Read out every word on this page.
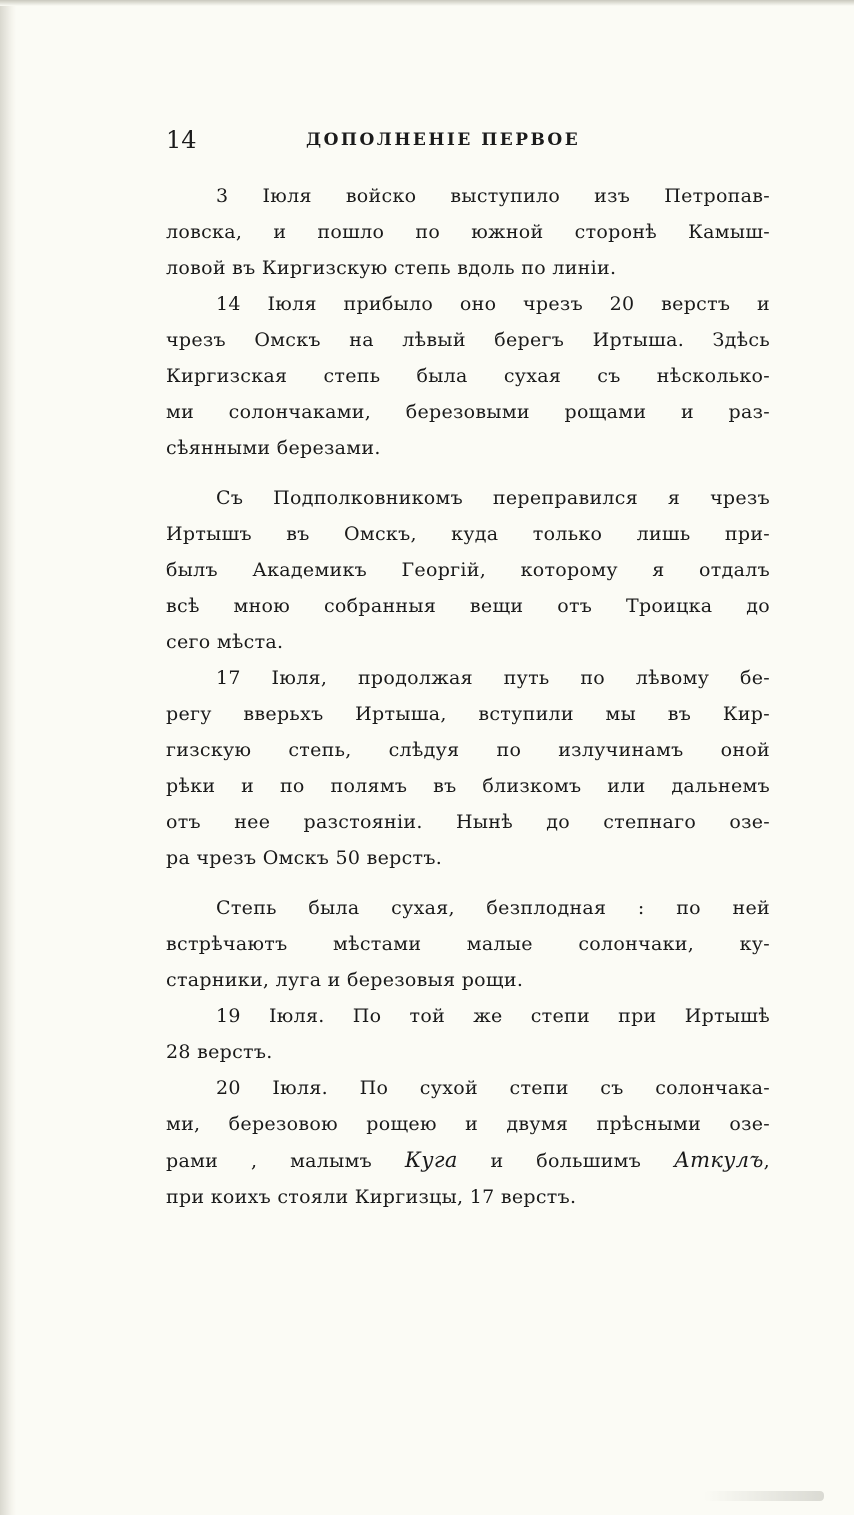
14	ДОПОЛНЕНІЕ ПЕРВОЕ
3 Іюля войско выступило изъ Петропав-
ловска, и пошло по южной сторонѣ Камыш-
ловой въ Киргизскую степь вдоль по линіи.
14 Іюля прибыло оно чрезъ 20 верстъ и
чрезъ Омскъ на лѣвый берегъ Иртыша. Здѣсь
Киргизская степь была сухая съ нѣсколько-
ми солончаками, березовыми рощами и раз-
сѣянными березами.
Съ Подполковникомъ переправился я чрезъ
Иртышъ въ Омскъ, куда только лишь при-
былъ Академикъ Георгій, которому я отдалъ
всѣ мною собранныя вещи отъ Троицка до
сего мѣста.
17 Іюля, продолжая путь по лѣвому бе-
регу вверьхъ Иртыша, вступили мы въ Кир-
гизскую степь, слѣдуя по излучинамъ оной
рѣки и по полямъ въ близкомъ или дальнемъ
отъ нее разстояніи. Нынѣ до степнаго озе-
ра чрезъ Омскъ 50 верстъ.
Степь была сухая, безплодная : по ней
встрѣчаютъ мѣстами малые солончаки, ку-
старники, луга и березовыя рощи.
19 Іюля. По той же степи при Иртышѣ
28 верстъ.
20 Іюля. По сухой степи съ солончака-
ми, березовою рощею и двумя прѣсными озе-
рами , малымъ Куга и большимъ Аткулъ,
при коихъ стояли Киргизцы, 17 верстъ.
